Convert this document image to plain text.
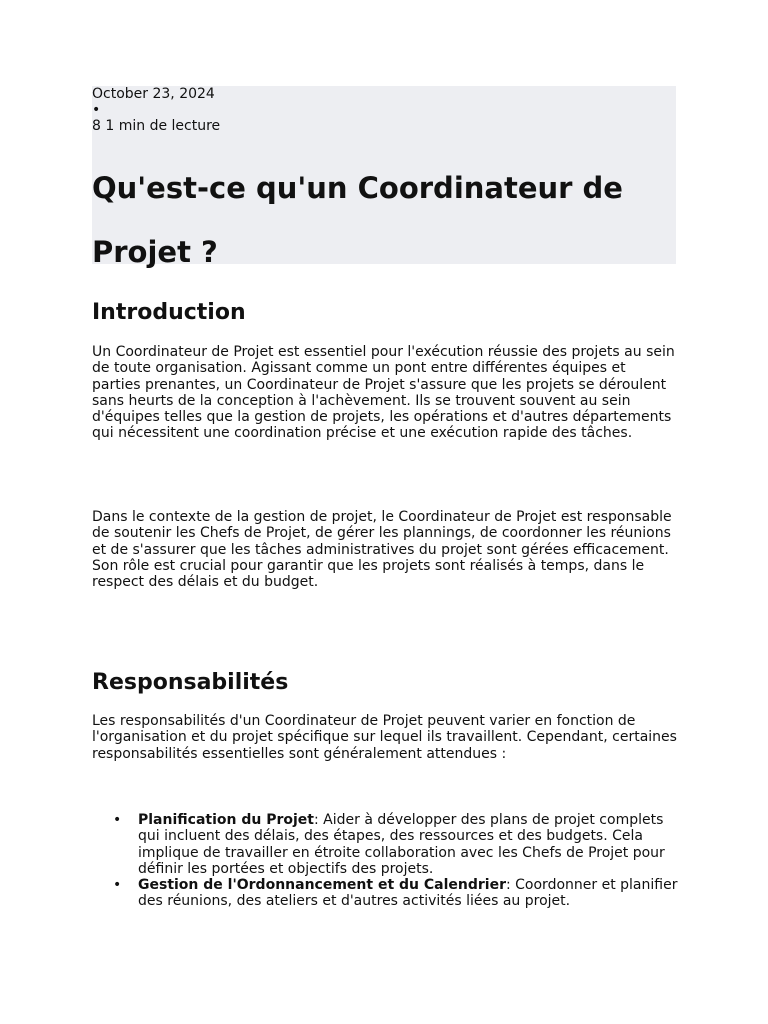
October 23, 2024
•
8 1 min de lecture
Qu'est-ce qu'un Coordinateur de Projet ?
Introduction

Un Coordinateur de Projet est essentiel pour l'exécution réussie des projets au sein de toute organisation. Agissant comme un pont entre différentes équipes et parties prenantes, un Coordinateur de Projet s'assure que les projets se déroulent sans heurts de la conception à l'achèvement. Ils se trouvent souvent au sein d'équipes telles que la gestion de projets, les opérations et d'autres départements qui nécessitent une coordination précise et une exécution rapide des tâches.

Dans le contexte de la gestion de projet, le Coordinateur de Projet est responsable de soutenir les Chefs de Projet, de gérer les plannings, de coordonner les réunions et de s'assurer que les tâches administratives du projet sont gérées efficacement. Son rôle est crucial pour garantir que les projets sont réalisés à temps, dans le respect des délais et du budget.

Responsabilités

Les responsabilités d'un Coordinateur de Projet peuvent varier en fonction de l'organisation et du projet spécifique sur lequel ils travaillent. Cependant, certaines responsabilités essentielles sont généralement attendues :

• Planification du Projet: Aider à développer des plans de projet complets qui incluent des délais, des étapes, des ressources et des budgets. Cela implique de travailler en étroite collaboration avec les Chefs de Projet pour définir les portées et objectifs des projets.
• Gestion de l'Ordonnancement et du Calendrier: Coordonner et planifier des réunions, des ateliers et d'autres activités liées au projet.
